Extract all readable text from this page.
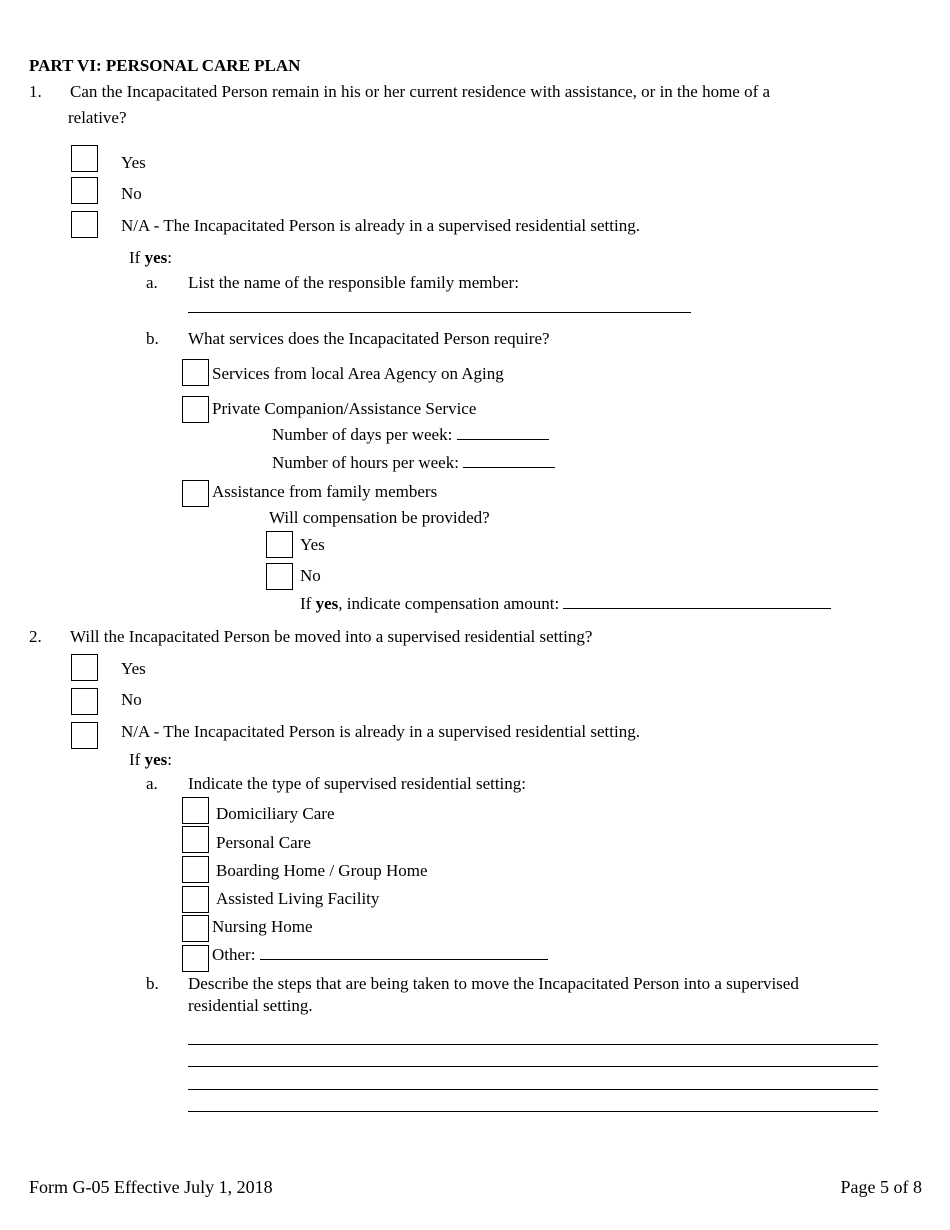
PART VI: PERSONAL CARE PLAN
1. Can the Incapacitated Person remain in his or her current residence with assistance, or in the home of a
relative?
Yes
No
N/A - The Incapacitated Person is already in a supervised residential setting.
If yes:
a. List the name of the responsible family member:
b. What services does the Incapacitated Person require?
Services from local Area Agency on Aging
Private Companion/Assistance Service
Number of days per week:
Number of hours per week:
Assistance from family members
Will compensation be provided?
Yes
No
If yes, indicate compensation amount:
2. Will the Incapacitated Person be moved into a supervised residential setting?
Yes
No
N/A - The Incapacitated Person is already in a supervised residential setting.
If yes:
a. Indicate the type of supervised residential setting:
Domiciliary Care
Personal Care
Boarding Home / Group Home
Assisted Living Facility
Nursing Home
Other:
b. Describe the steps that are being taken to move the Incapacitated Person into a supervised
residential setting.
Form G-05 Effective July 1, 2018	Page 5 of 8
